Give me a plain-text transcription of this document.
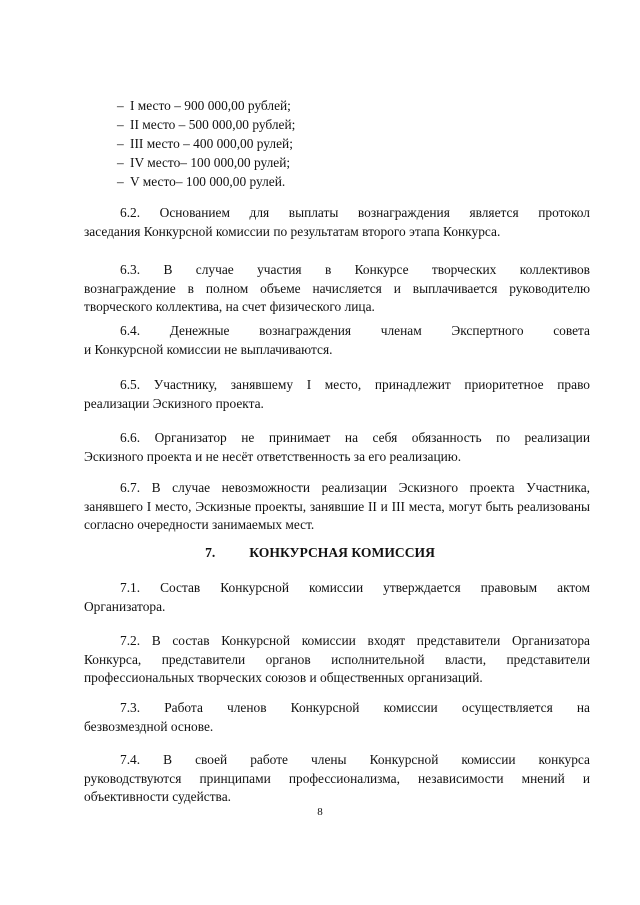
– I место – 900 000,00 рублей;
– II место – 500 000,00 рублей;
– III место – 400 000,00 рулей;
– IV место– 100 000,00 рулей;
– V место– 100 000,00 рулей.
6.2. Основанием для выплаты вознаграждения является протокол
заседания Конкурсной комиссии по результатам второго этапа Конкурса.
6.3. В случае участия в Конкурсе творческих коллективов
вознаграждение в полном объеме начисляется и выплачивается руководителю творческого коллектива, на счет физического лица.
6.4. Денежные вознаграждения членам Экспертного совета
и Конкурсной комиссии не выплачиваются.
6.5. Участнику, занявшему I место, принадлежит приоритетное право
реализации Эскизного проекта.
6.6. Организатор не принимает на себя обязанность по реализации
Эскизного проекта и не несёт ответственность за его реализацию.
6.7. В случае невозможности реализации Эскизного проекта Участника,
занявшего I место, Эскизные проекты, занявшие II и III места, могут быть реализованы согласно очередности занимаемых мест.
7.	КОНКУРСНАЯ КОМИССИЯ
7.1. Состав Конкурсной комиссии утверждается правовым актом
Организатора.
7.2. В состав Конкурсной комиссии входят представители Организатора
Конкурса, представители органов исполнительной власти, представители профессиональных творческих союзов и общественных организаций.
7.3. Работа членов Конкурсной комиссии осуществляется на
безвозмездной основе.
7.4. В своей работе члены Конкурсной комиссии конкурса
руководствуются принципами профессионализма, независимости мнений и объективности судейства.
8
